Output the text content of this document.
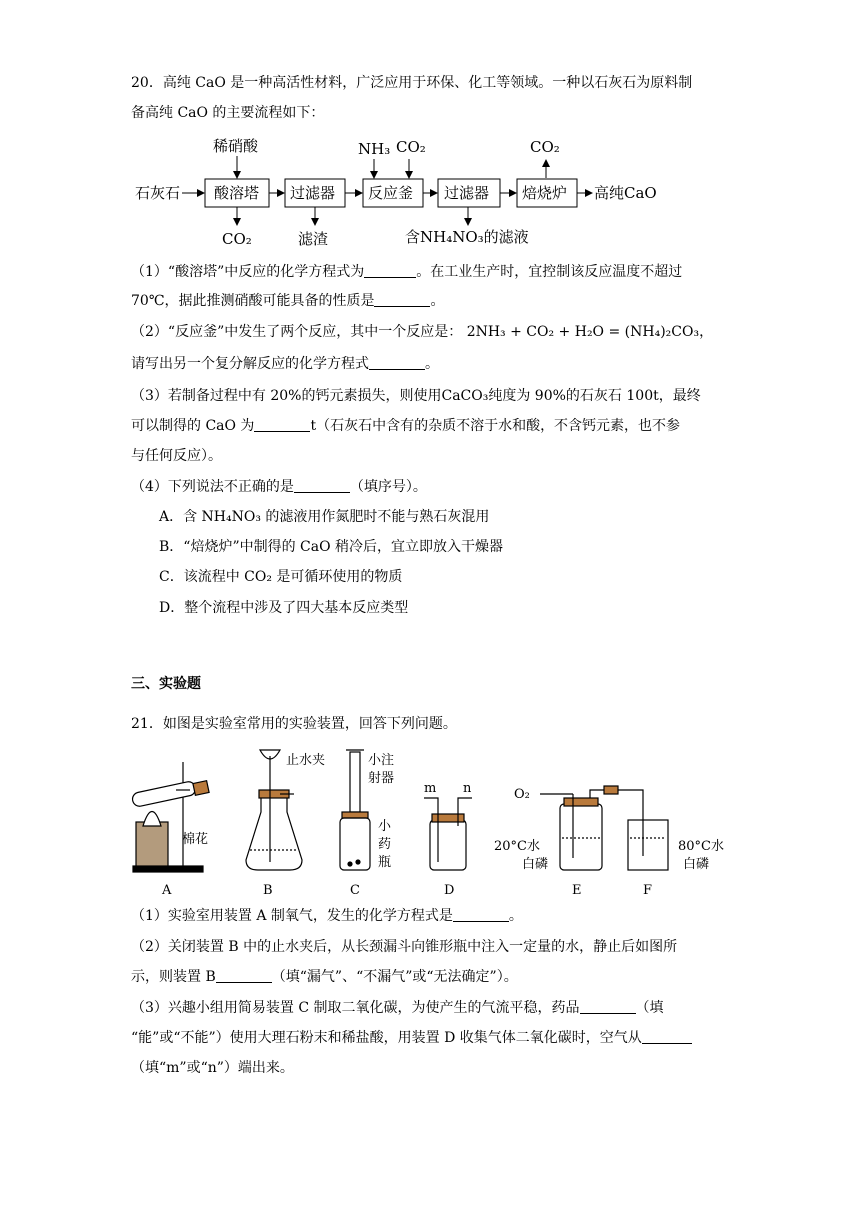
20．高纯 CaO 是一种高活性材料，广泛应用于环保、化工等领域。一种以石灰石为原料制
备高纯 CaO 的主要流程如下：
石灰石 酸溶塔 过滤器 反应釜 过滤器 焙烧炉 高纯CaO
稀硝酸
CO₂	滤渣
NH₃ CO₂
含NH₄NO₃的滤液
CO₂
（1）“酸溶塔”中反应的化学方程式为	。在工业生产时，宜控制该反应温度不超过
70℃，据此推测硝酸可能具备的性质是	。
（2）“反应釜”中发生了两个反应，其中一个反应是： 2NH₃ + CO₂ + H₂O = (NH₄)₂CO₃，
请写出另一个复分解反应的化学方程式	。
（3）若制备过程中有 20%的钙元素损失，则使用CaCO₃纯度为 90%的石灰石 100t，最终
可以制得的 CaO 为	t（石灰石中含有的杂质不溶于水和酸，不含钙元素，也不参
与任何反应）。
（4）下列说法不正确的是	（填序号）。
A．含 NH₄NO₃ 的滤液用作氮肥时不能与熟石灰混用
B．“焙烧炉”中制得的 CaO 稍冷后，宜立即放入干燥器
C．该流程中 CO₂ 是可循环使用的物质
D．整个流程中涉及了四大基本反应类型
三、实验题
21．如图是实验室常用的实验装置，回答下列问题。
棉花
A
止水夹
B
小注
射器
小
药
瓶
C
m n
D
O₂
20°C水
白磷
80°C水
白磷
E	F
（1）实验室用装置 A 制氧气，发生的化学方程式是	。
（2）关闭装置 B 中的止水夹后，从长颈漏斗向锥形瓶中注入一定量的水，静止后如图所
示，则装置 B	（填“漏气”、“不漏气”或“无法确定”）。
（3）兴趣小组用简易装置 C 制取二氧化碳，为使产生的气流平稳，药品	（填
“能”或“不能”）使用大理石粉末和稀盐酸，用装置 D 收集气体二氧化碳时，空气从
（填“m”或“n”）端出来。
